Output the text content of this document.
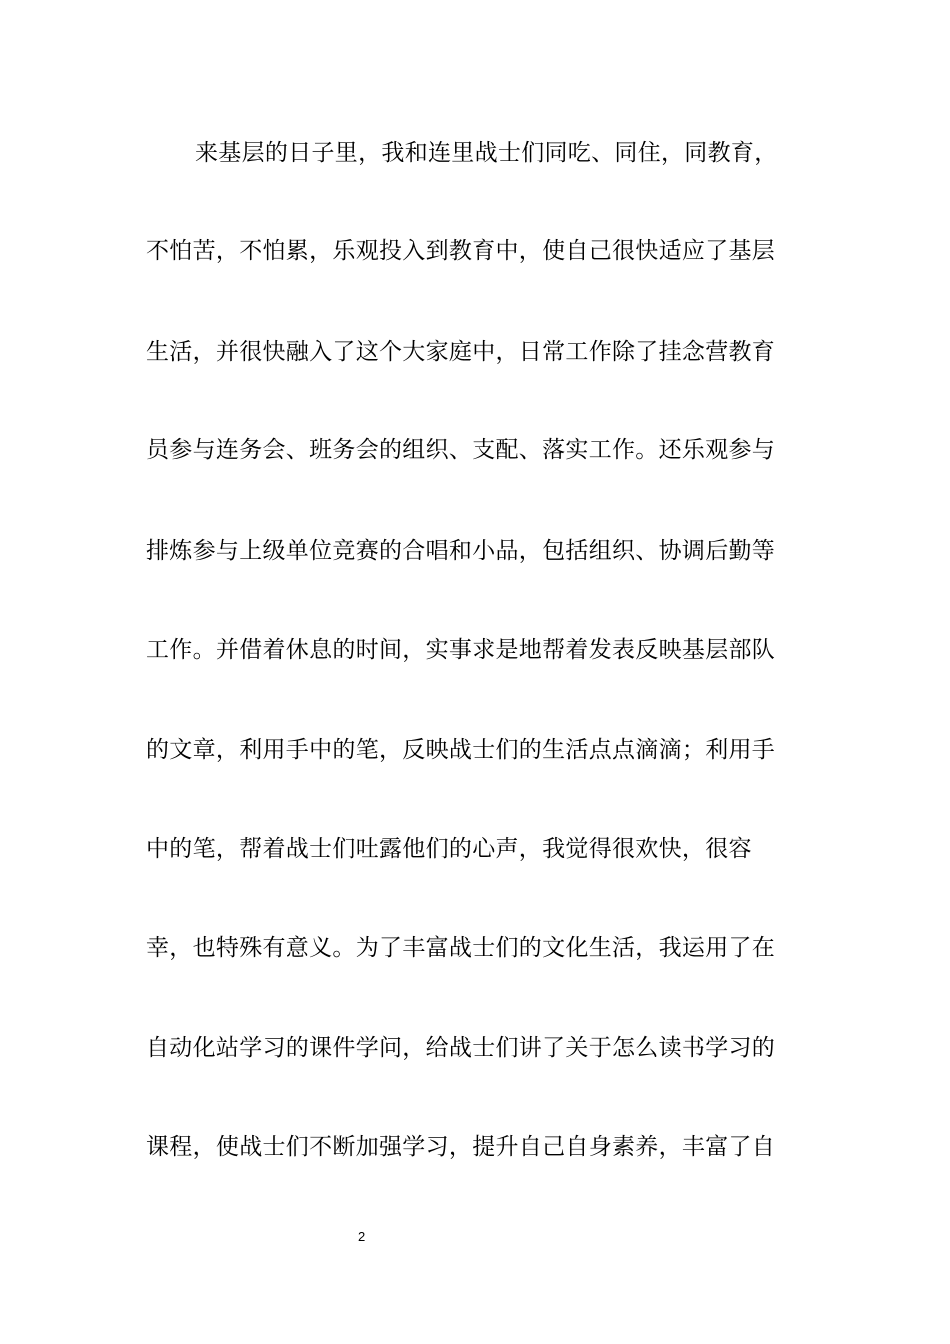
来基层的日子里，我和连里战士们同吃、同住，同教育，
不怕苦，不怕累，乐观投入到教育中，使自己很快适应了基层
生活，并很快融入了这个大家庭中，日常工作除了挂念营教育
员参与连务会、班务会的组织、支配、落实工作。还乐观参与
排炼参与上级单位竞赛的合唱和小品，包括组织、协调后勤等
工作。并借着休息的时间，实事求是地帮着发表反映基层部队
的文章，利用手中的笔，反映战士们的生活点点滴滴；利用手
中的笔，帮着战士们吐露他们的心声，我觉得很欢快，很容
幸，也特殊有意义。为了丰富战士们的文化生活，我运用了在
自动化站学习的课件学问，给战士们讲了关于怎么读书学习的
课程，使战士们不断加强学习，提升自己自身素养，丰富了自
2
